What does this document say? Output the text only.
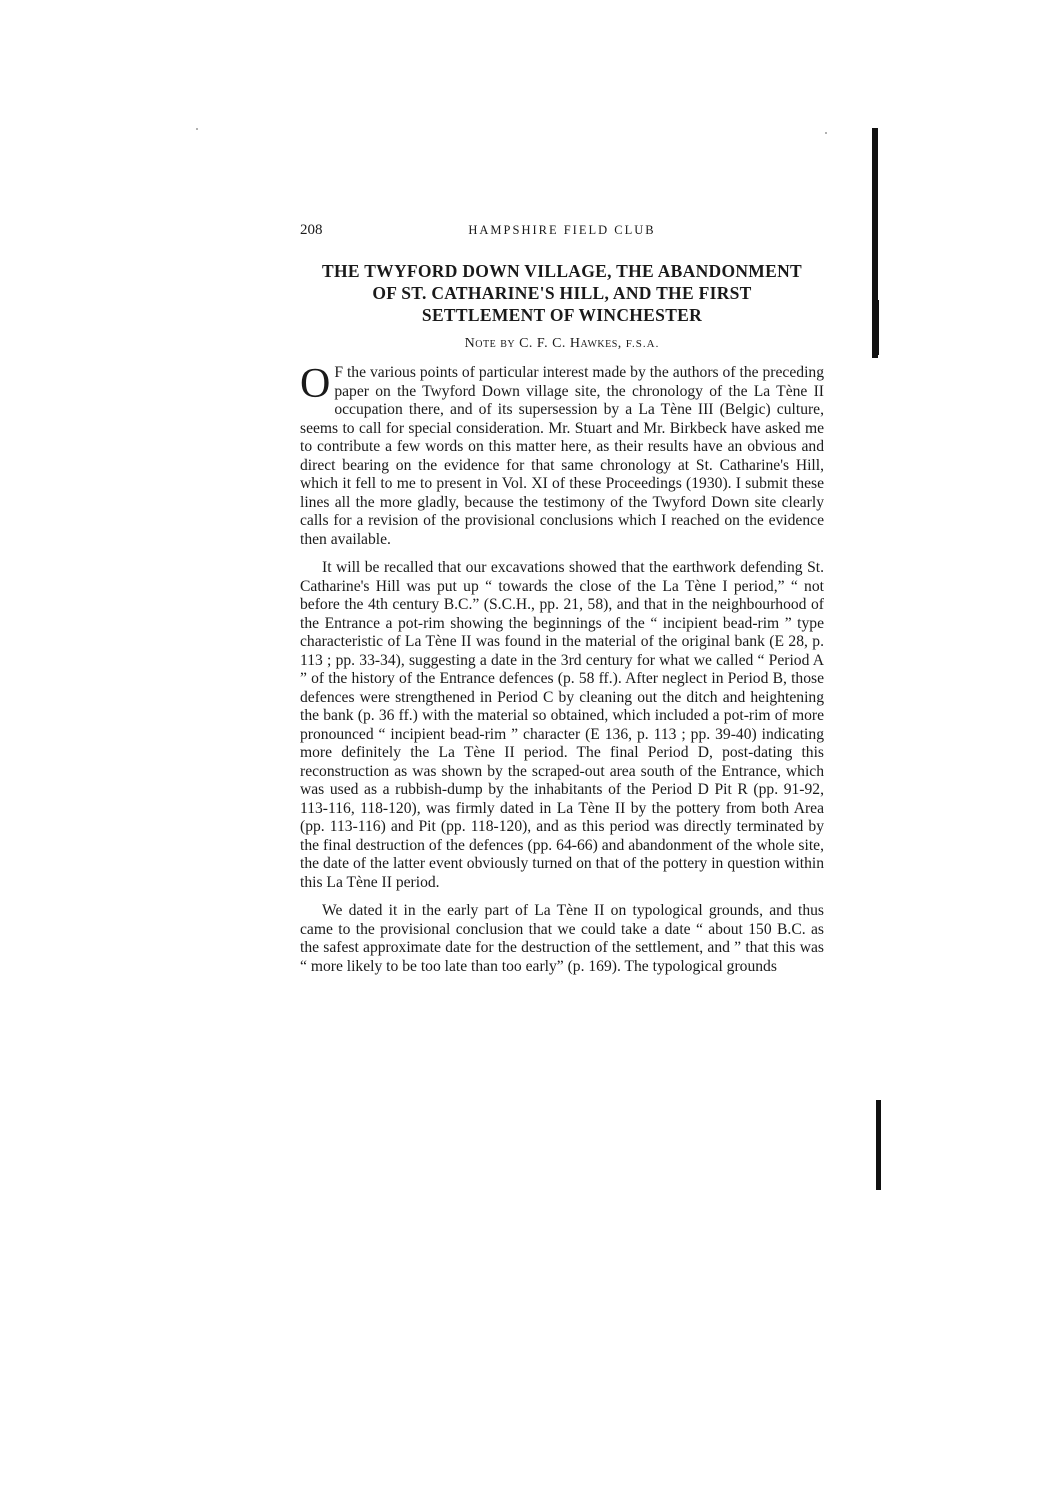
208	HAMPSHIRE FIELD CLUB
THE TWYFORD DOWN VILLAGE, THE ABANDONMENT
OF ST. CATHARINE'S HILL, AND THE FIRST
SETTLEMENT OF WINCHESTER
Note by C. F. C. Hawkes, F.S.A.

O F the various points of particular interest made by the authors of the preceding paper on the Twyford Down village site, the chronology of the La Tène II occupation there, and of its supersession by a La Tène III (Belgic) culture, seems to call for special consideration. Mr. Stuart and Mr. Birkbeck have asked me to contribute a few words on this matter here, as their results have an obvious and direct bearing on the evidence for that same chronology at St. Catharine's Hill, which it fell to me to present in Vol. XI of these Proceedings (1930). I submit these lines all the more gladly, because the testimony of the Twyford Down site clearly calls for a revision of the provisional conclusions which I reached on the evidence then available.

It will be recalled that our excavations showed that the earthwork defending St. Catharine's Hill was put up “ towards the close of the La Tène I period,” “ not before the 4th century B.C.” (S.C.H., pp. 21, 58), and that in the neighbourhood of the Entrance a pot-rim showing the beginnings of the “ incipient bead-rim ” type characteristic of La Tène II was found in the material of the original bank (E 28, p. 113 ; pp. 33-34), suggesting a date in the 3rd century for what we called “ Period A ” of the history of the Entrance defences (p. 58 ff.). After neglect in Period B, those defences were strengthened in Period C by cleaning out the ditch and heightening the bank (p. 36 ff.) with the material so obtained, which included a pot-rim of more pronounced “ incipient bead-rim ” character (E 136, p. 113 ; pp. 39-40) indicating more definitely the La Tène II period. The final Period D, post-dating this reconstruction as was shown by the scraped-out area south of the Entrance, which was used as a rubbish-dump by the inhabitants of the Period D Pit R (pp. 91-92, 113-116, 118-120), was firmly dated in La Tène II by the pottery from both Area (pp. 113-116) and Pit (pp. 118-120), and as this period was directly terminated by the final destruction of the defences (pp. 64-66) and abandonment of the whole site, the date of the latter event obviously turned on that of the pottery in question within this La Tène II period.

We dated it in the early part of La Tène II on typological grounds, and thus came to the provisional conclusion that we could take a date “ about 150 B.C. as the safest approximate date for the destruction of the settlement, and ” that this was “ more likely to be too late than too early” (p. 169). The typological grounds
